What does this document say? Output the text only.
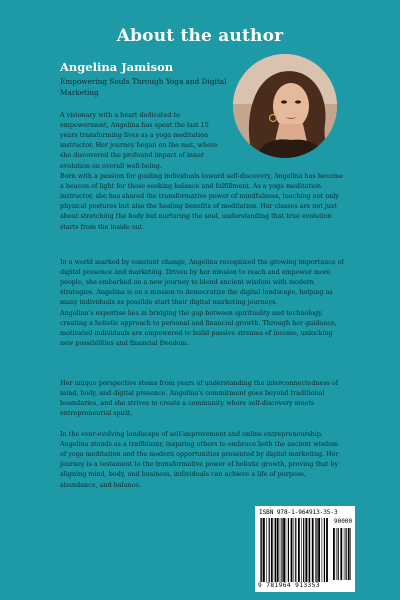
About the author
Angelina Jamison
Empowering Souls Through Yoga and Digital Marketing
A visionary with a heart dedicated to empowerment, Angelina has spent the last 15 years transforming lives as a yoga meditation instructor. Her journey began on the mat, where she discovered the profound impact of inner evolution on overall well-being.
Born with a passion for guiding individuals toward self-discovery, Angelina has become a beacon of light for those seeking balance and fulfillment. As a yoga meditation instructor, she has shared the transformative power of mindfulness, teaching not only physical postures but also the healing benefits of meditation. Her classes are not just about stretching the body but nurturing the soul, understanding that true evolution starts from the inside out.
In a world marked by constant change, Angelina recognized the growing importance of digital presence and marketing. Driven by her mission to reach and empower more people, she embarked on a new journey to blend ancient wisdom with modern strategies. Angelina is on a mission to democratize the digital landscape, helping as many individuals as possible start their digital marketing journeys.
Angelina's expertise lies in bridging the gap between spirituality and technology, creating a holistic approach to personal and financial growth. Through her guidance, motivated individuals are empowered to build passive streams of income, unlocking new possibilities and financial freedom.
Her unique perspective stems from years of understanding the interconnectedness of mind, body, and digital presence. Angelina's commitment goes beyond traditional boundaries, and she strives to create a community where self-discovery meets entrepreneurial spirit.
In the ever-evolving landscape of self-improvement and online entrepreneurship, Angelina stands as a trailblazer, inspiring others to embrace both the ancient wisdom of yoga meditation and the modern opportunities presented by digital marketing. Her journey is a testament to the transformative power of holistic growth, proving that by aligning mind, body, and business, individuals can achieve a life of purpose, abundance, and balance.
ISBN 978-1-964913-35-3
90000
9 781964 913353
